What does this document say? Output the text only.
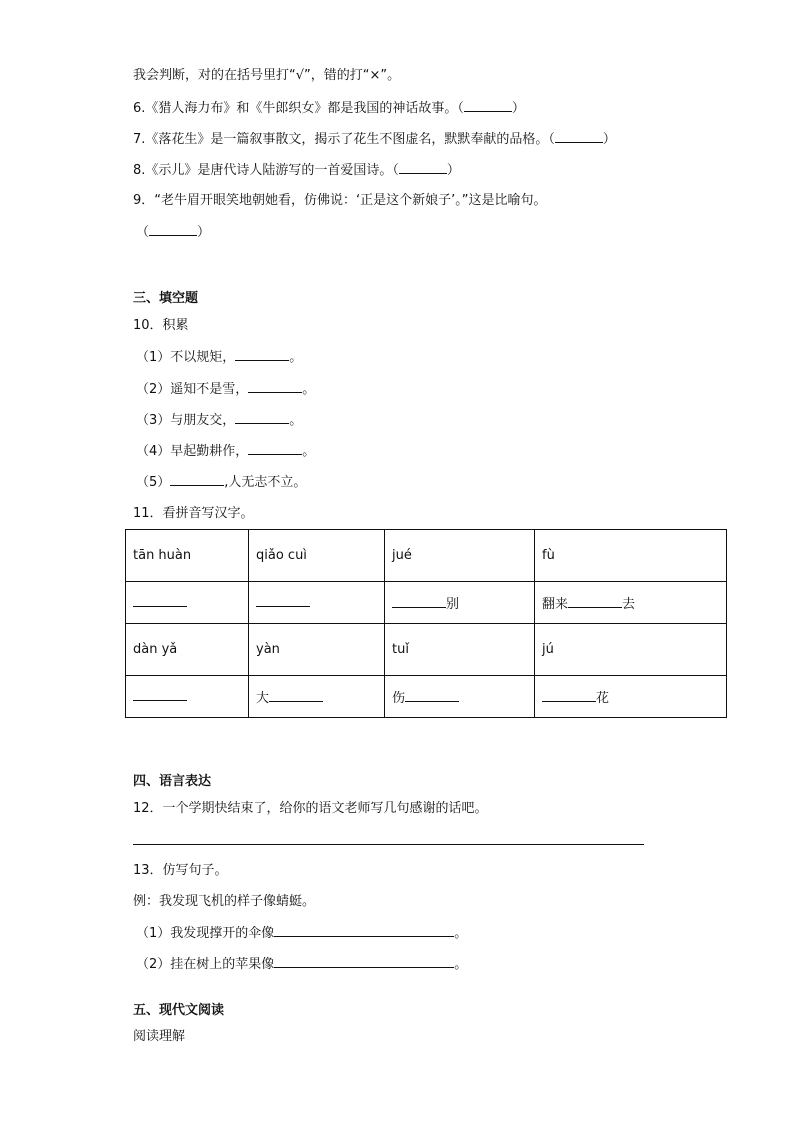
我会判断，对的在括号里打“√”，错的打“×”。
6.《猎人海力布》和《牛郎织女》都是我国的神话故事。（	）
7.《落花生》是一篇叙事散文，揭示了花生不图虚名，默默奉献的品格。（	）
8.《示儿》是唐代诗人陆游写的一首爱国诗。（	）
9．“老牛眉开眼笑地朝她看，仿佛说：‘正是这个新娘子’。”这是比喻句。
（	）
三、填空题
10．积累
（1）不以规矩，	。
（2）遥知不是雪，	。
（3）与朋友交，	。
（4）早起勤耕作，	。
（5）	,人无志不立。
11．看拼音写汉字。
tān huàn	qiǎo cuì	jué	fù
		别	翻来 去
dàn yǎ	yàn	tuǐ	jú
	大	伤	花
四、语言表达
12．一个学期快结束了，给你的语文老师写几句感谢的话吧。
13．仿写句子。
例：我发现飞机的样子像蜻蜓。
（1）我发现撑开的伞像	。
（2）挂在树上的苹果像	。
五、现代文阅读
阅读理解
